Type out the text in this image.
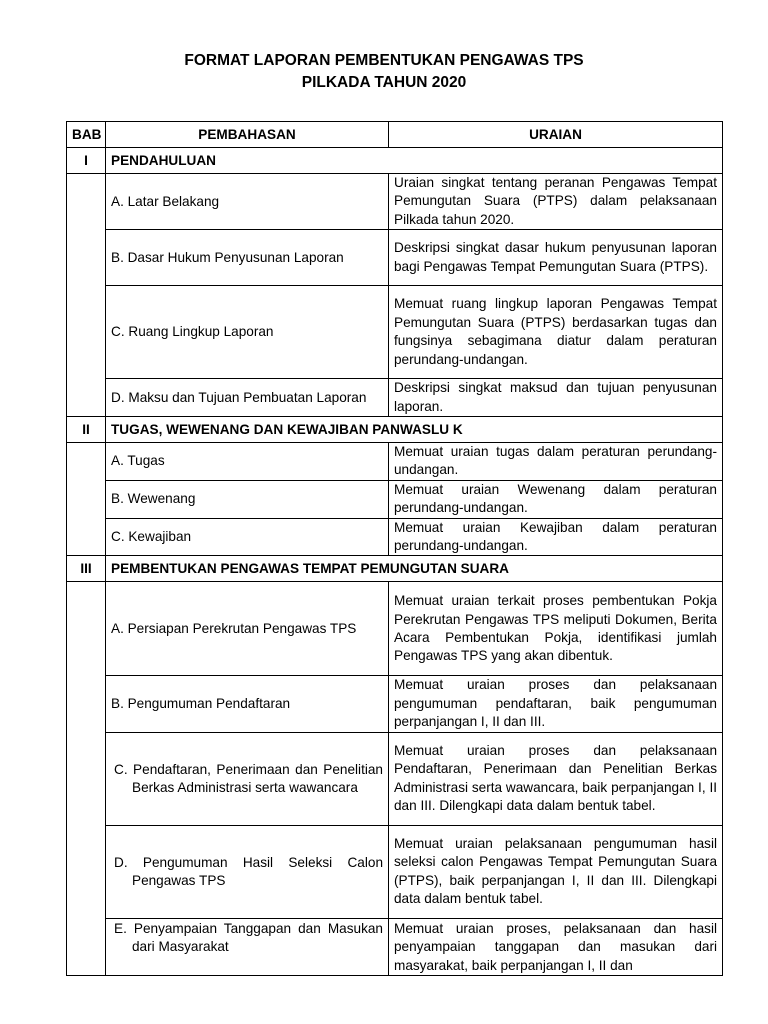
FORMAT LAPORAN PEMBENTUKAN PENGAWAS TPS
PILKADA TAHUN 2020
BAB	PEMBAHASAN	URAIAN
I	PENDAHULUAN	
	A. Latar Belakang	Uraian singkat tentang peranan Pengawas Tempat Pemungutan Suara (PTPS) dalam pelaksanaan Pilkada tahun 2020.
	B. Dasar Hukum Penyusunan Laporan	Deskripsi singkat dasar hukum penyusunan laporan bagi Pengawas Tempat Pemungutan Suara (PTPS).
	C. Ruang Lingkup Laporan	Memuat ruang lingkup laporan Pengawas Tempat Pemungutan Suara (PTPS) berdasarkan tugas dan fungsinya sebagimana diatur dalam peraturan perundang-undangan.
	D. Maksu dan Tujuan Pembuatan Laporan	Deskripsi singkat maksud dan tujuan penyusunan laporan.
II	TUGAS, WEWENANG DAN KEWAJIBAN PANWASLU K	
	A. Tugas	Memuat uraian tugas dalam peraturan perundang-undangan.
	B. Wewenang	Memuat uraian Wewenang dalam peraturan perundang-undangan.
	C. Kewajiban	Memuat uraian Kewajiban dalam peraturan perundang-undangan.
III	PEMBENTUKAN PENGAWAS TEMPAT PEMUNGUTAN SUARA	
	A. Persiapan Perekrutan Pengawas TPS	Memuat uraian terkait proses pembentukan Pokja Perekrutan Pengawas TPS meliputi Dokumen, Berita Acara Pembentukan Pokja, identifikasi jumlah Pengawas TPS yang akan dibentuk.
	B. Pengumuman Pendaftaran	Memuat uraian proses dan pelaksanaan pengumuman pendaftaran, baik pengumuman perpanjangan I, II dan III.

	C. Pendaftaran, Penerimaan dan Penelitian Berkas Administrasi serta wawancara	Memuat uraian proses dan pelaksanaan Pendaftaran, Penerimaan dan Penelitian Berkas Administrasi serta wawancara, baik perpanjangan I, II dan III. Dilengkapi data dalam bentuk tabel.

	D. Pengumuman Hasil Seleksi Calon Pengawas TPS	Memuat uraian pelaksanaan pengumuman hasil seleksi calon Pengawas Tempat Pemungutan Suara (PTPS), baik perpanjangan I, II dan III. Dilengkapi data dalam bentuk tabel.

	E. Penyampaian Tanggapan dan Masukan dari Masyarakat	Memuat uraian proses, pelaksanaan dan hasil penyampaian tanggapan dan masukan dari masyarakat, baik perpanjangan I, II dan
